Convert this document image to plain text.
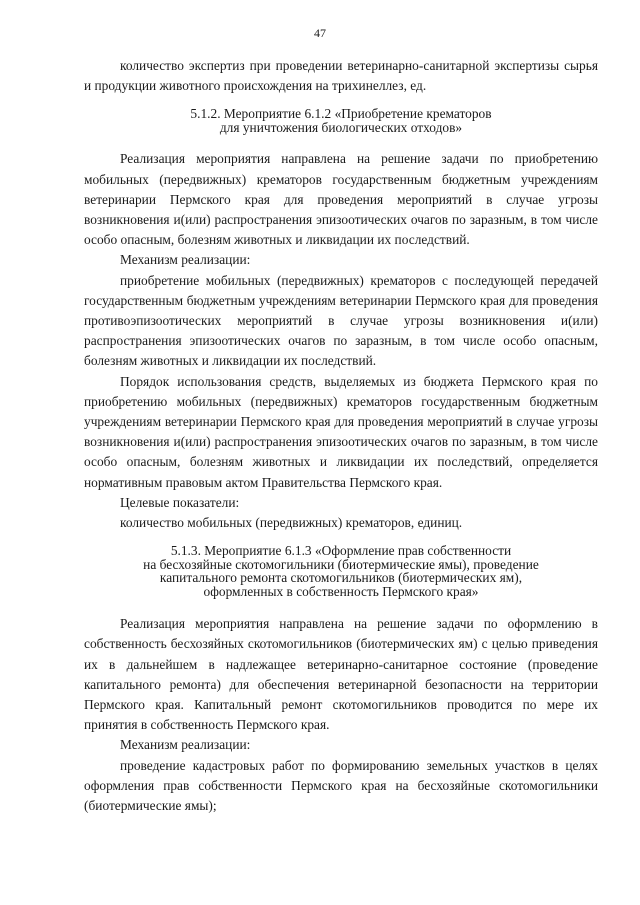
47

количество экспертиз при проведении ветеринарно-санитарной экспертизы сырья и продукции животного происхождения на трихинеллез, ед.

5.1.2. Мероприятие 6.1.2 «Приобретение крематоров
для уничтожения биологических отходов»

Реализация мероприятия направлена на решение задачи по приобретению мобильных (передвижных) крематоров государственным бюджетным учреждениям ветеринарии Пермского края для проведения мероприятий в случае угрозы возникновения и(или) распространения эпизоотических очагов по заразным, в том числе особо опасным, болезням животных и ликвидации их последствий.

Механизм реализации:

приобретение мобильных (передвижных) крематоров с последующей передачей государственным бюджетным учреждениям ветеринарии Пермского края для проведения противоэпизоотических мероприятий в случае угрозы возникновения и(или) распространения эпизоотических очагов по заразным, в том числе особо опасным, болезням животных и ликвидации их последствий.

Порядок использования средств, выделяемых из бюджета Пермского края по приобретению мобильных (передвижных) крематоров государственным бюджетным учреждениям ветеринарии Пермского края для проведения мероприятий в случае угрозы возникновения и(или) распространения эпизоотических очагов по заразным, в том числе особо опасным, болезням животных и ликвидации их последствий, определяется нормативным правовым актом Правительства Пермского края.

Целевые показатели:

количество мобильных (передвижных) крематоров, единиц.

5.1.3. Мероприятие 6.1.3 «Оформление прав собственности
на бесхозяйные скотомогильники (биотермические ямы), проведение
капитального ремонта скотомогильников (биотермических ям),
оформленных в собственность Пермского края»

Реализация мероприятия направлена на решение задачи по оформлению в собственность бесхозяйных скотомогильников (биотермических ям) с целью приведения их в дальнейшем в надлежащее ветеринарно-санитарное состояние (проведение капитального ремонта) для обеспечения ветеринарной безопасности на территории Пермского края. Капитальный ремонт скотомогильников проводится по мере их принятия в собственность Пермского края.

Механизм реализации:

проведение кадастровых работ по формированию земельных участков в целях оформления прав собственности Пермского края на бесхозяйные скотомогильники (биотермические ямы);
